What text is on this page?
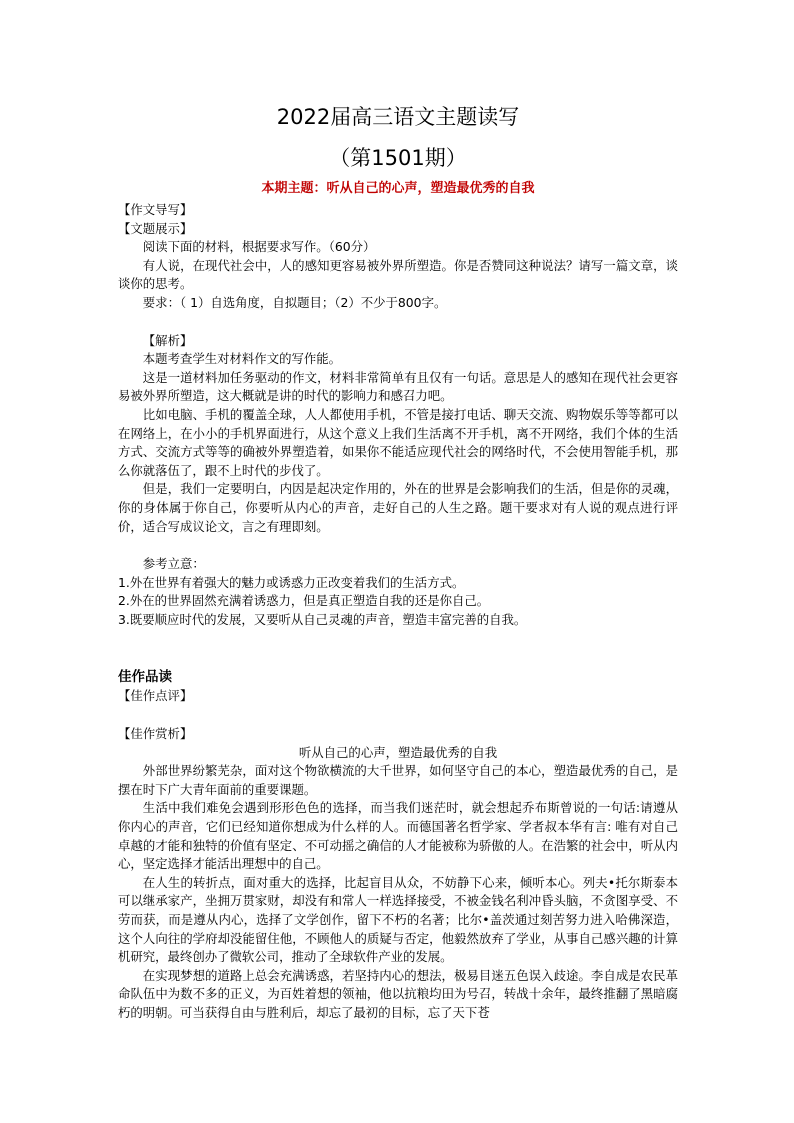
2022届高三语文主题读写
（第1501期）
本期主题：听从自己的心声，塑造最优秀的自我

【作文导写】

【文题展示】

阅读下面的材料，根据要求写作。（60分）

有人说，在现代社会中，人的感知更容易被外界所塑造。你是否赞同这种说法？请写一篇文章，谈谈你的思考。

要求：（ 1）自选角度，自拟题目；（2）不少于800字。

【解析】

本题考查学生对材料作文的写作能。

这是一道材料加任务驱动的作文，材料非常简单有且仅有一句话。意思是人的感知在现代社会更容易被外界所塑造，这大概就是讲的时代的影响力和感召力吧。

比如电脑、手机的覆盖全球，人人都使用手机，不管是接打电话、聊天交流、购物娱乐等等都可以在网络上，在小小的手机界面进行，从这个意义上我们生活离不开手机，离不开网络，我们个体的生活方式、交流方式等等的确被外界塑造着，如果你不能适应现代社会的网络时代，不会使用智能手机，那么你就落伍了，跟不上时代的步伐了。

但是，我们一定要明白，内因是起决定作用的，外在的世界是会影响我们的生活，但是你的灵魂，你的身体属于你自己，你要听从内心的声音，走好自己的人生之路。题干要求对有人说的观点进行评价，适合写成议论文，言之有理即刻。

参考立意：

1.外在世界有着强大的魅力或诱惑力正改变着我们的生活方式。

2.外在的世界固然充满着诱惑力，但是真正塑造自我的还是你自己。

3.既要顺应时代的发展，又要听从自己灵魂的声音，塑造丰富完善的自我。

佳作品读

【佳作点评】

【佳作赏析】

听从自己的心声，塑造最优秀的自我

外部世界纷繁芜杂，面对这个物欲横流的大千世界，如何坚守自己的本心，塑造最优秀的自己，是摆在时下广大青年面前的重要课题。

生活中我们难免会遇到形形色色的选择，而当我们迷茫时，就会想起乔布斯曾说的一句话:请遵从你内心的声音，它们已经知道你想成为什么样的人。而德国著名哲学家、学者叔本华有言: 唯有对自己卓越的才能和独特的价值有坚定、不可动摇之确信的人才能被称为骄傲的人。在浩繁的社会中，听从内心，坚定选择才能活出理想中的自己。

在人生的转折点，面对重大的选择，比起盲目从众，不妨静下心来，倾听本心。列夫•托尔斯泰本可以继承家产，坐拥万贯家财，却没有和常人一样选择接受，不被金钱名利冲昏头脑，不贪图享受、不劳而获，而是遵从内心，选择了文学创作，留下不朽的名著；比尔•盖茨通过刻苦努力进入哈佛深造，这个人向往的学府却没能留住他，不顾他人的质疑与否定，他毅然放弃了学业，从事自己感兴趣的计算机研究，最终创办了微软公司，推动了全球软件产业的发展。

在实现梦想的道路上总会充满诱惑，若坚持内心的想法，极易目迷五色误入歧途。李自成是农民革命队伍中为数不多的正义，为百姓着想的领袖，他以抗粮均田为号召，转战十余年，最终推翻了黑暗腐朽的明朝。可当获得自由与胜利后，却忘了最初的目标，忘了天下苍
